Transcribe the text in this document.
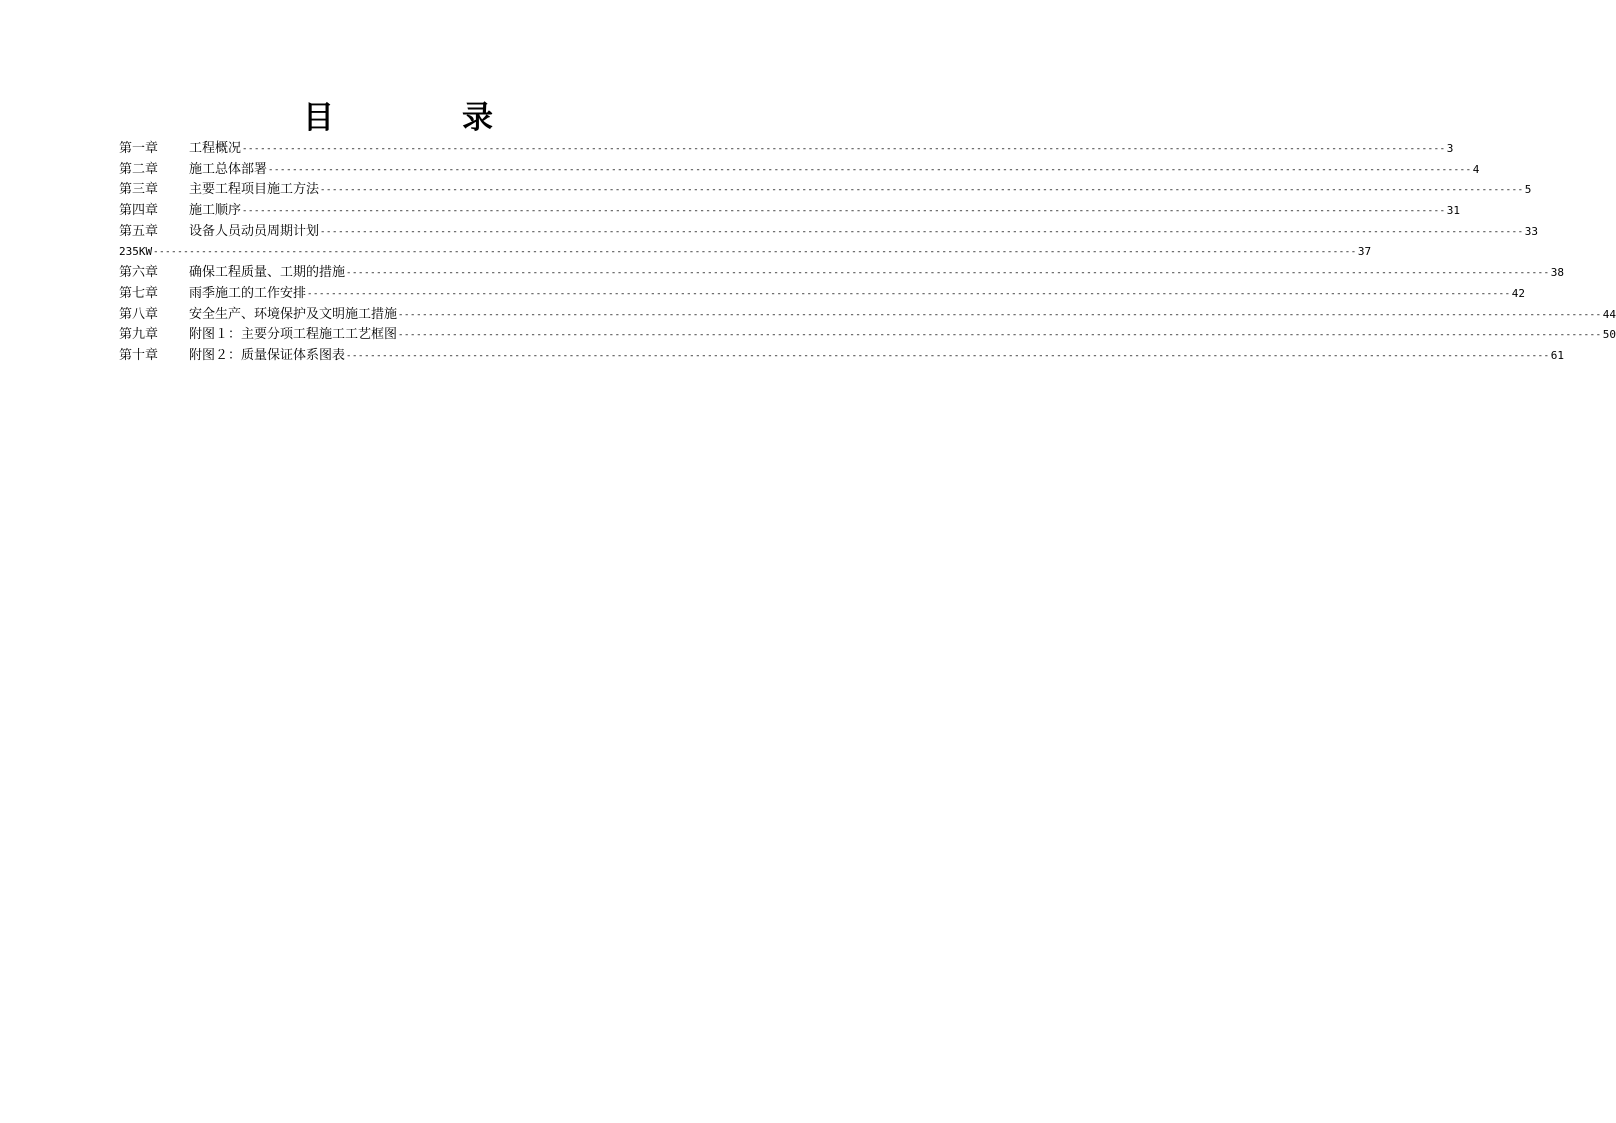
目	录
第一章	工程概况 -------------------------------------------------------------------------------------------------------------------------------------------------------------------------------------------------------- 3
第二章	施工总体部署 -------------------------------------------------------------------------------------------------------------------------------------------------------------------------------------------------------- 4
第三章	主要工程项目施工方法 -------------------------------------------------------------------------------------------------------------------------------------------------------------------------------------------------------- 5
第四章	施工顺序 -------------------------------------------------------------------------------------------------------------------------------------------------------------------------------------------------------- 31
第五章	设备人员动员周期计划 -------------------------------------------------------------------------------------------------------------------------------------------------------------------------------------------------------- 33
235KW -------------------------------------------------------------------------------------------------------------------------------------------------------------------------------------------------------- 37
第六章	确保工程质量、工期的措施 -------------------------------------------------------------------------------------------------------------------------------------------------------------------------------------------------------- 38
第七章	雨季施工的工作安排 -------------------------------------------------------------------------------------------------------------------------------------------------------------------------------------------------------- 42
第八章	安全生产、环境保护及文明施工措施 -------------------------------------------------------------------------------------------------------------------------------------------------------------------------------------------------------- 44
第九章	附图１：主要分项工程施工工艺框图 -------------------------------------------------------------------------------------------------------------------------------------------------------------------------------------------------------- 50
第十章	附图２：质量保证体系图表 -------------------------------------------------------------------------------------------------------------------------------------------------------------------------------------------------------- 61
